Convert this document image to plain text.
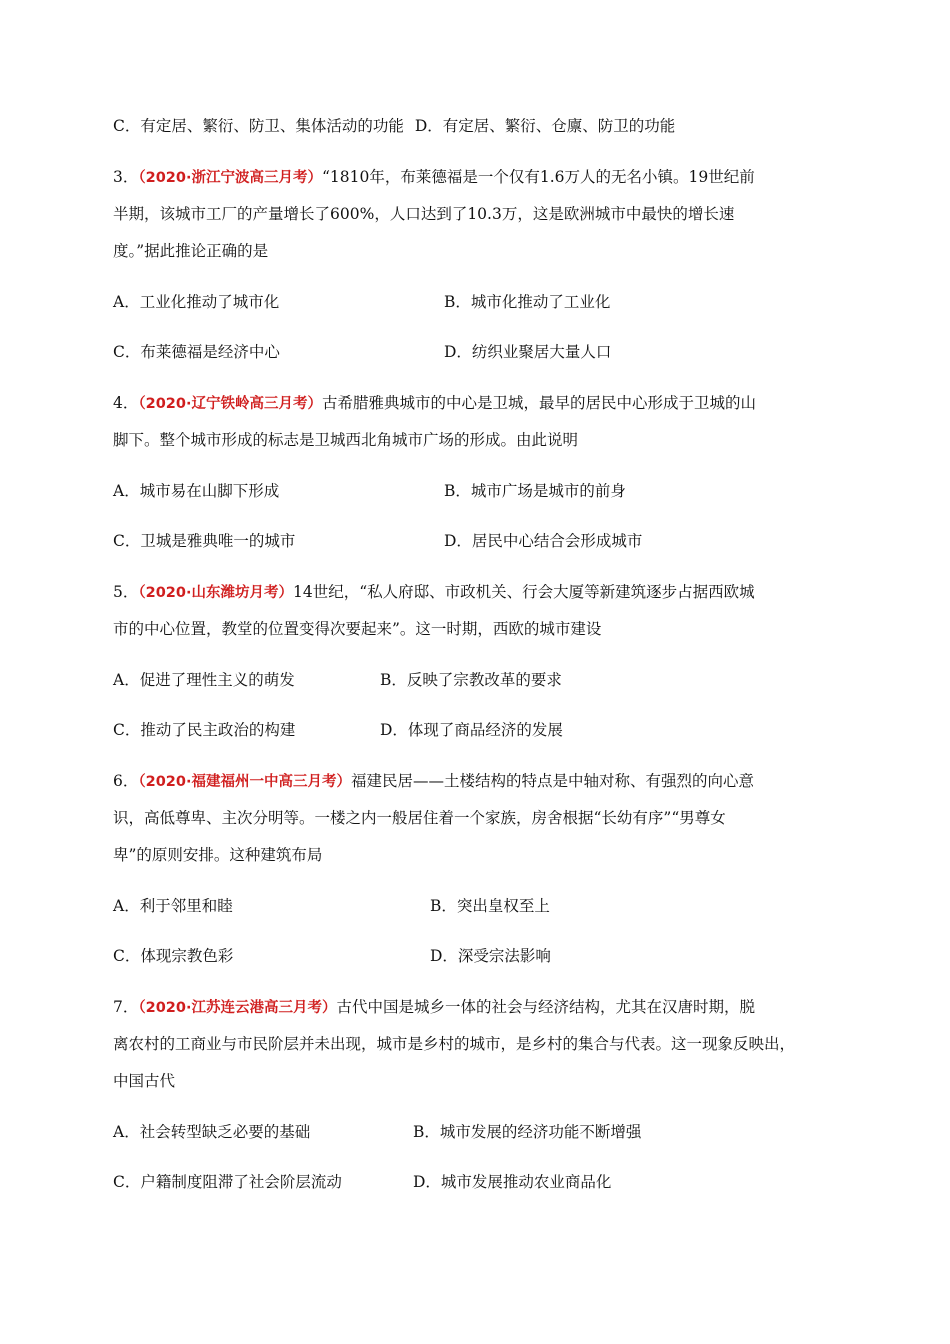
C．有定居、繁衍、防卫、集体活动的功能 D．有定居、繁衍、仓廪、防卫的功能
3．（2020·浙江宁波高三月考）“1810年，布莱德福是一个仅有1.6万人的无名小镇。19世纪前
半期，该城市工厂的产量增长了600%，人口达到了10.3万，这是欧洲城市中最快的增长速
度。”据此推论正确的是
A．工业化推动了城市化	B．城市化推动了工业化
C．布莱德福是经济中心	D．纺织业聚居大量人口
4．（2020·辽宁铁岭高三月考）古希腊雅典城市的中心是卫城，最早的居民中心形成于卫城的山
脚下。整个城市形成的标志是卫城西北角城市广场的形成。由此说明
A．城市易在山脚下形成	B．城市广场是城市的前身
C．卫城是雅典唯一的城市	D．居民中心结合会形成城市
5．（2020·山东潍坊月考）14世纪，“私人府邸、市政机关、行会大厦等新建筑逐步占据西欧城
市的中心位置，教堂的位置变得次要起来”。这一时期，西欧的城市建设
A．促进了理性主义的萌发	B．反映了宗教改革的要求
C．推动了民主政治的构建	D．体现了商品经济的发展
6．（2020·福建福州一中高三月考）福建民居——土楼结构的特点是中轴对称、有强烈的向心意
识，高低尊卑、主次分明等。一楼之内一般居住着一个家族，房舍根据“长幼有序”“男尊女
卑”的原则安排。这种建筑布局
A．利于邻里和睦	B．突出皇权至上
C．体现宗教色彩	D．深受宗法影响
7．（2020·江苏连云港高三月考）古代中国是城乡一体的社会与经济结构，尤其在汉唐时期，脱
离农村的工商业与市民阶层并未出现，城市是乡村的城市，是乡村的集合与代表。这一现象反映出，
中国古代
A．社会转型缺乏必要的基础	B．城市发展的经济功能不断增强
C．户籍制度阻滞了社会阶层流动	D．城市发展推动农业商品化
